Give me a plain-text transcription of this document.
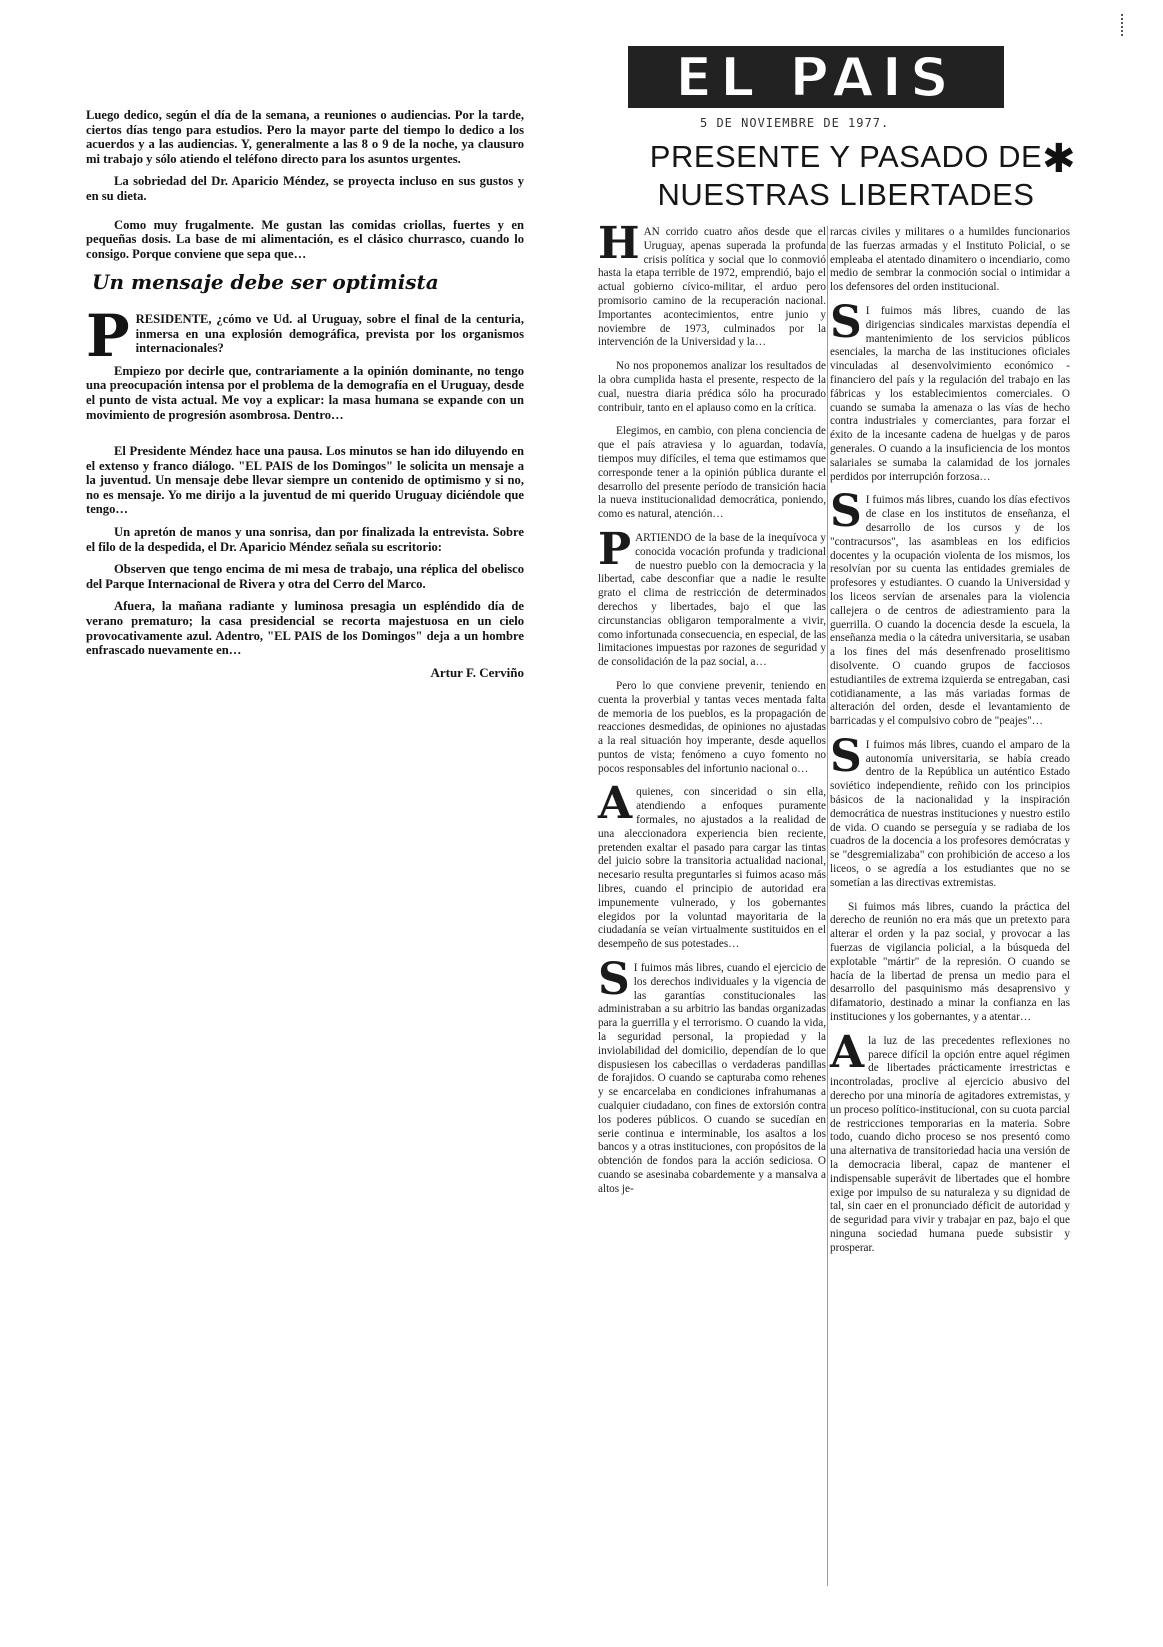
Luego dedico, según el día de la semana, a reuniones o audiencias. Por la tarde, ciertos días tengo para estudios. Pero la mayor parte del tiempo lo dedico a los acuerdos y a las audiencias. Y, generalmente a las 8 o 9 de la noche, ya clausuro mi trabajo y sólo atiendo el teléfono directo para los asuntos urgentes.

La sobriedad del Dr. Aparicio Méndez, se proyecta incluso en sus gustos y en su dieta.

Como muy frugalmente. Me gustan las comidas criollas, fuertes y en pequeñas dosis. La base de mi alimentación, es el clásico churrasco, cuando lo consigo. Porque conviene que sepa que…

Un mensaje debe ser optimista

PRESIDENTE, ¿cómo ve Ud. al Uruguay, sobre el final de la centuria, inmersa en una explosión demográfica, prevista por los organismos internacionales?

Empiezo por decirle que, contrariamente a la opinión dominante, no tengo una preocupación intensa por el problema de la demografía en el Uruguay, desde el punto de vista actual. Me voy a explicar: la masa humana se expande con un movimiento de progresión asombrosa. Dentro…

El Presidente Méndez hace una pausa. Los minutos se han ido diluyendo en el extenso y franco diálogo. "EL PAIS de los Domingos" le solicita un mensaje a la juventud. Un mensaje debe llevar siempre un contenido de optimismo y si no, no es mensaje. Yo me dirijo a la juventud de mi querido Uruguay diciéndole que tengo…

Un apretón de manos y una sonrisa, dan por finalizada la entrevista. Sobre el filo de la despedida, el Dr. Aparicio Méndez señala su escritorio:

Observen que tengo encima de mi mesa de trabajo, una réplica del obelisco del Parque Internacional de Rivera y otra del Cerro del Marco.

Afuera, la mañana radiante y luminosa presagia un espléndido día de verano prematuro; la casa presidencial se recorta majestuosa en un cielo provocativamente azul. Adentro, "EL PAIS de los Domingos" deja a un hombre enfrascado nuevamente en…

Artur F. Cerviño
EL PAIS
5 DE NOVIEMBRE DE 1977.
PRESENTE Y PASADO DE NUESTRAS LIBERTADES
✱

HAN corrido cuatro años desde que el Uruguay, apenas superada la profunda crisis política y social que lo conmovió hasta la etapa terrible de 1972, emprendió, bajo el actual gobierno cívico-militar, el arduo pero promisorio camino de la recuperación nacional. Importantes acontecimientos, entre junio y noviembre de 1973, culminados por la intervención de la Universidad y la…

No nos proponemos analizar los resultados de la obra cumplida hasta el presente, respecto de la cual, nuestra diaria prédica sólo ha procurado contribuir, tanto en el aplauso como en la crítica.

Elegimos, en cambio, con plena conciencia de que el país atraviesa y lo aguardan, todavía, tiempos muy difíciles, el tema que estimamos que corresponde tener a la opinión pública durante el desarrollo del presente período de transición hacia la nueva institucionalidad democrática, poniendo, como es natural, atención…

PARTIENDO de la base de la inequívoca y conocida vocación profunda y tradicional de nuestro pueblo con la democracia y la libertad, cabe desconfiar que a nadie le resulte grato el clima de restricción de determinados derechos y libertades, bajo el que las circunstancias obligaron temporalmente a vivir, como infortunada consecuencia, en especial, de las limitaciones impuestas por razones de seguridad y de consolidación de la paz social, a…

Pero lo que conviene prevenir, teniendo en cuenta la proverbial y tantas veces mentada falta de memoria de los pueblos, es la propagación de reacciones desmedidas, de opiniones no ajustadas a la real situación hoy imperante, desde aquellos puntos de vista; fenómeno a cuyo fomento no pocos responsables del infortunio nacional o…

Aquienes, con sinceridad o sin ella, atendiendo a enfoques puramente formales, no ajustados a la realidad de una aleccionadora experiencia bien reciente, pretenden exaltar el pasado para cargar las tintas del juicio sobre la transitoria actualidad nacional, necesario resulta preguntarles si fuimos acaso más libres, cuando el principio de autoridad era impunemente vulnerado, y los gobernantes elegidos por la voluntad mayoritaria de la ciudadanía se veían virtualmente sustituidos en el desempeño de sus potestades…

S I fuimos más libres, cuando el ejercicio de los derechos individuales y la vigencia de las garantías constitucionales las administraban a su arbitrio las bandas organizadas para la guerrilla y el terrorismo. O cuando la vida, la seguridad personal, la propiedad y la inviolabilidad del domicilio, dependían de lo que dispusiesen los cabecillas o verdaderas pandillas de forajidos. O cuando se capturaba como rehenes y se encarcelaba en condiciones infrahumanas a cualquier ciudadano, con fines de extorsión contra los poderes públicos. O cuando se sucedían en serie continua e interminable, los asaltos a los bancos y a otras instituciones, con propósitos de la obtención de fondos para la acción sediciosa. O cuando se asesinaba cobardemente y a mansalva a altos je-

rarcas civiles y militares o a humildes funcionarios de las fuerzas armadas y el Instituto Policial, o se empleaba el atentado dinamitero o incendiario, como medio de sembrar la conmoción social o intimidar a los defensores del orden institucional.

S I fuimos más libres, cuando de las dirigencias sindicales marxistas dependía el mantenimiento de los servicios públicos esenciales, la marcha de las instituciones oficiales vinculadas al desenvolvimiento económico - financiero del país y la regulación del trabajo en las fábricas y los establecimientos comerciales. O cuando se sumaba la amenaza o las vías de hecho contra industriales y comerciantes, para forzar el éxito de la incesante cadena de huelgas y de paros generales. O cuando a la insuficiencia de los montos salariales se sumaba la calamidad de los jornales perdidos por interrupción forzosa…

S I fuimos más libres, cuando los días efectivos de clase en los institutos de enseñanza, el desarrollo de los cursos y de los "contracursos", las asambleas en los edificios docentes y la ocupación violenta de los mismos, los resolvían por su cuenta las entidades gremiales de profesores y estudiantes. O cuando la Universidad y los liceos servían de arsenales para la violencia callejera o de centros de adiestramiento para la guerrilla. O cuando la docencia desde la escuela, la enseñanza media o la cátedra universitaria, se usaban a los fines del más desenfrenado proselitismo disolvente. O cuando grupos de facciosos estudiantiles de extrema izquierda se entregaban, casi cotidianamente, a las más variadas formas de alteración del orden, desde el levantamiento de barricadas y el compulsivo cobro de "peajes"…

S I fuimos más libres, cuando el amparo de la autonomía universitaria, se había creado dentro de la República un auténtico Estado soviético independiente, reñido con los principios básicos de la nacionalidad y la inspiración democrática de nuestras instituciones y nuestro estilo de vida. O cuando se perseguía y se radiaba de los cuadros de la docencia a los profesores demócratas y se "desgremializaba" con prohibición de acceso a los liceos, o se agredía a los estudiantes que no se sometían a las directivas extremistas.

Si fuimos más libres, cuando la práctica del derecho de reunión no era más que un pretexto para alterar el orden y la paz social, y provocar a las fuerzas de vigilancia policial, a la búsqueda del explotable "mártir" de la represión. O cuando se hacía de la libertad de prensa un medio para el desarrollo del pasquinismo más desaprensivo y difamatorio, destinado a minar la confianza en las instituciones y los gobernantes, y a atentar…

Ala luz de las precedentes reflexiones no parece difícil la opción entre aquel régimen de libertades prácticamente irrestrictas e incontroladas, proclive al ejercicio abusivo del derecho por una minoría de agitadores extremistas, y un proceso político-institucional, con su cuota parcial de restricciones temporarias en la materia. Sobre todo, cuando dicho proceso se nos presentó como una alternativa de transitoriedad hacia una versión de la democracia liberal, capaz de mantener el indispensable superávit de libertades que el hombre exige por impulso de su naturaleza y su dignidad de tal, sin caer en el pronunciado déficit de autoridad y de seguridad para vivir y trabajar en paz, bajo el que ninguna sociedad humana puede subsistir y prosperar.
